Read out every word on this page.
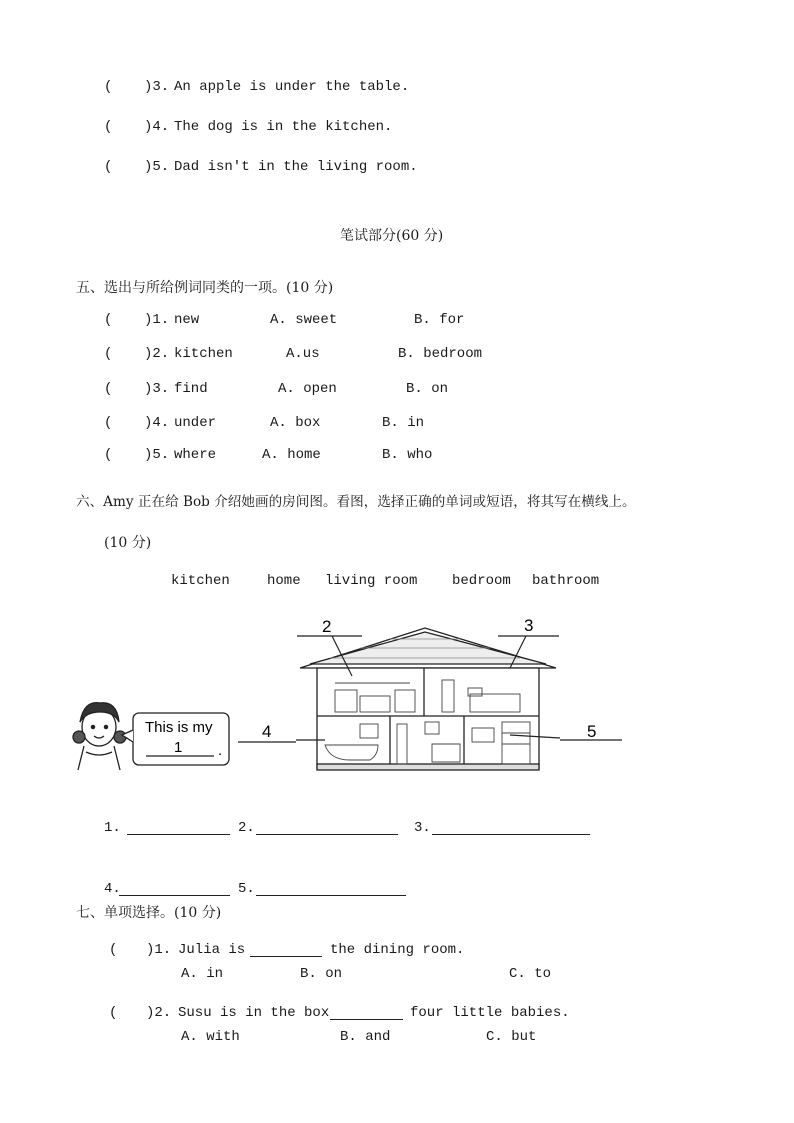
( )3. An apple is under the table.
( )4. The dog is in the kitchen.
( )5. Dad isn't in the living room.
笔试部分(60 分)
五、选出与所给例词同类的一项。(10 分)
( )1. new	A. sweet	B. for
( )2. kitchen	A.us	B. bedroom
( )3. find	A. open	B. on
( )4. under	A. box	B. in
( )5. where	A. home	B. who
六、Amy 正在给 Bob 介绍她画的房间图。看图，选择正确的单词或短语，将其写在横线上。
(10 分)
kitchen	home living room bedroom bathroom
This is my
1 .
2	3
4	5
1.	2.	3.
4.	5.
七、单项选择。(10 分)
( )1. Julia is	the dining room.
A. in	B. on	C. to
( )2. Susu is in the box	four little babies.
A. with	B. and	C. but
